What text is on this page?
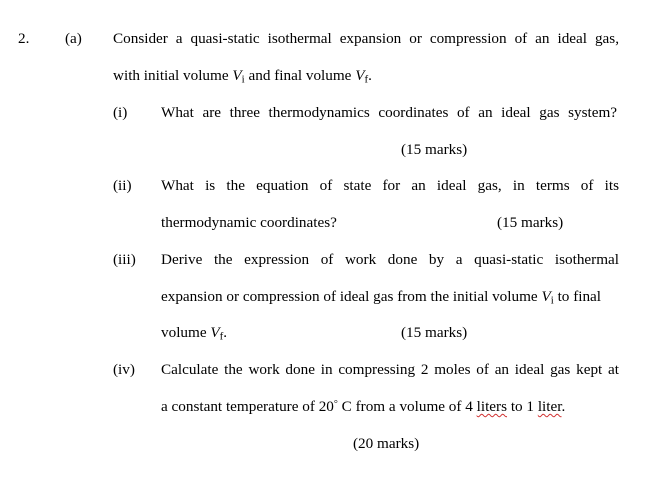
2. (a) Consider a quasi-static isothermal expansion or compression of an ideal gas,
with initial volume $V_i$ and final volume $V_f$.
(i) What are three thermodynamics coordinates of an ideal gas system?
(15 marks)
(ii) What is the equation of state for an ideal gas, in terms of its
thermodynamic coordinates?	(15 marks)
(iii) Derive the expression of work done by a quasi-static isothermal
expansion or compression of ideal gas from the initial volume $V_i$ to final
volume $V_f$.	(15 marks)
(iv) Calculate the work done in compressing 2 moles of an ideal gas kept at
a constant temperature of 20° C from a volume of 4 liters to 1 liter.
(20 marks)
